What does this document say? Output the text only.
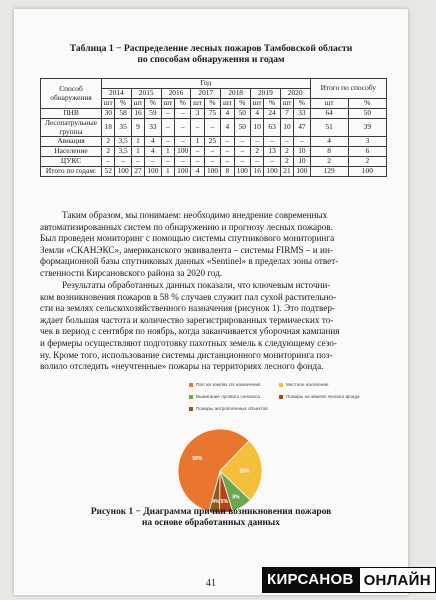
Таблица 1 − Распределение лесных пожаров Тамбовской области
по способам обнаружения и годам
Способ обнаружения	Год														Итого по способу	
	2014		2015		2016		2017		2018		2019		2020			
	шт	%	шт	%	шт	%	шт	%	шт	%	шт	%	шт	%	шт	%
ПНВ	30	58	16	59	–	–	3	75	4	50	4	24	7	33	64	50
Лесопатрульные группы	18	35	9	33	–	–	–	–	4	50	10	63	10	47	51	39
Авиация	2	3,5	1	4	–	–	1	25	–	–	–	–	–	–	4	3
Население	2	3,5	1	4	1	100	–	–	–	–	2	13	2	10	8	6
ЦУКС	–	–	–	–	–	–	–	–	–	–	–	–	2	10	2	2
Итого по годам:	52	100	27	100	1	100	4	100	8	100	16	100	21	100	129	100
Таким образом, мы понимаем: необходимо внедрение современных
автоматизированных систем по обнаружению и прогнозу лесных пожаров.
Был проведен мониторинг с помощью системы спутникового мониторинга
Земли «СКАНЭКС», американского эквивалента – системы FIRMS – и ин-
формационной базы спутниковых данных «Sentinel» в пределах зоны ответ-
ственности Кирсановского района за 2020 год.
Результаты обработанных данных показали, что ключевым источни-
ком возникновения пожаров в 58 % случаев служит пал сухой растительно-
сти на землях сельскохозяйственного назначения (рисунок 1). Это подтвер-
ждает большая частота и количество зарегистрированных термических то-
чек в период с сентября по ноябрь, когда заканчивается уборочная кампания
и фермеры осуществляют подготовку пахотных земель к следующему сезо-
ну. Кроме того, использование системы дистанционного мониторинга поз-
волило отследить «неучтенные» пожары на территориях лесного фонда.
58%
25%
8%
5%
4%
Пал на землях с/х назначения	Местное население
Выжигание лугового сенокоса	Пожары на землях лесного фонда
Пожары антропогенных объектов
Рисунок 1 − Диаграмма причин возникновения пожаров
на основе обработанных данных
41	КИРСАНОВ ОНЛАЙН
